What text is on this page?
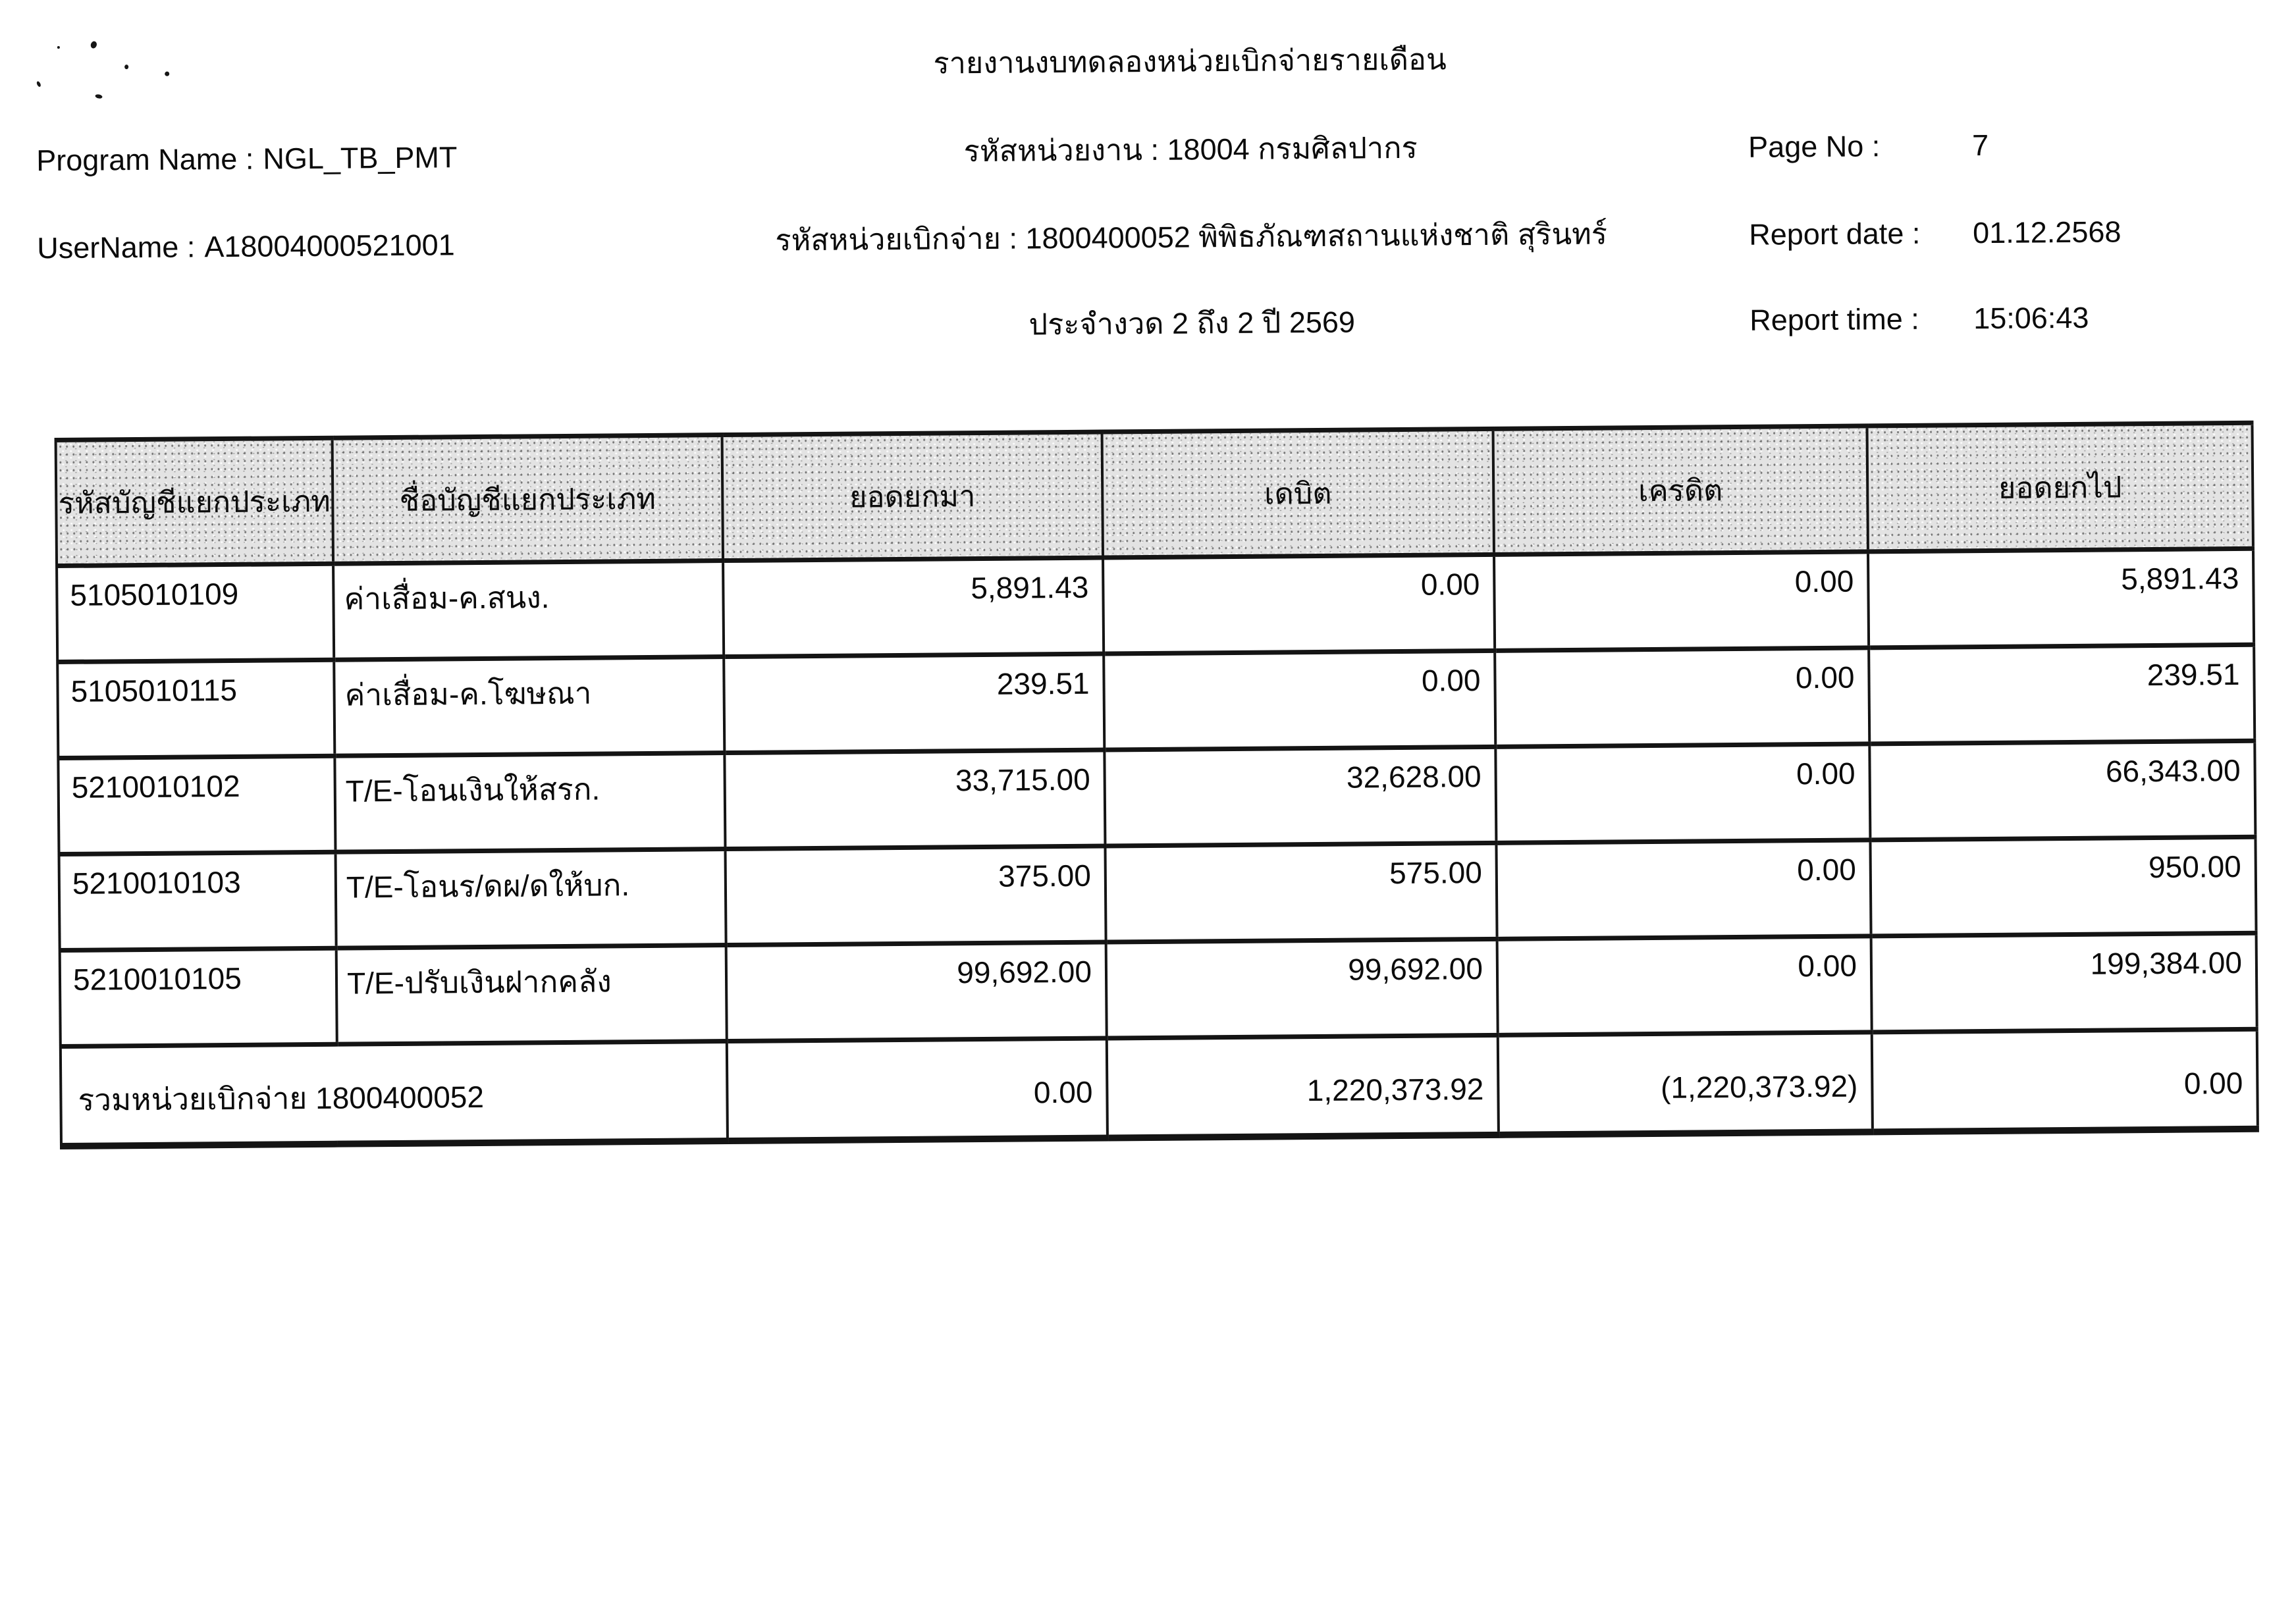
รายงานงบทดลองหน่วยเบิกจ่ายรายเดือน
รหัสหน่วยงาน : 18004 กรมศิลปากร
รหัสหน่วยเบิกจ่าย : 1800400052 พิพิธภัณฑสถานแห่งชาติ สุรินทร์
ประจำงวด 2 ถึง 2 ปี 2569
Program Name : NGL_TB_PMT
UserName : A18004000521001
Page No :	7
Report date : 01.12.2568
Report time : 15:06:43
รหัสบัญชีแยกประเภท	ชื่อบัญชีแยกประเภท	ยอดยกมา	เดบิต	เครดิต	ยอดยกไป
5105010109	ค่าเสื่อม-ค.สนง.	5,891.43	0.00	0.00	5,891.43
5105010115	ค่าเสื่อม-ค.โฆษณา	239.51	0.00	0.00	239.51
5210010102	T/E-โอนเงินให้สรก.	33,715.00	32,628.00	0.00	66,343.00
5210010103	T/E-โอนร/ดผ/ดให้บก.	375.00	575.00	0.00	950.00
5210010105	T/E-ปรับเงินฝากคลัง	99,692.00	99,692.00	0.00	199,384.00
รวมหน่วยเบิกจ่าย 1800400052		0.00	1,220,373.92	(1,220,373.92)	0.00
